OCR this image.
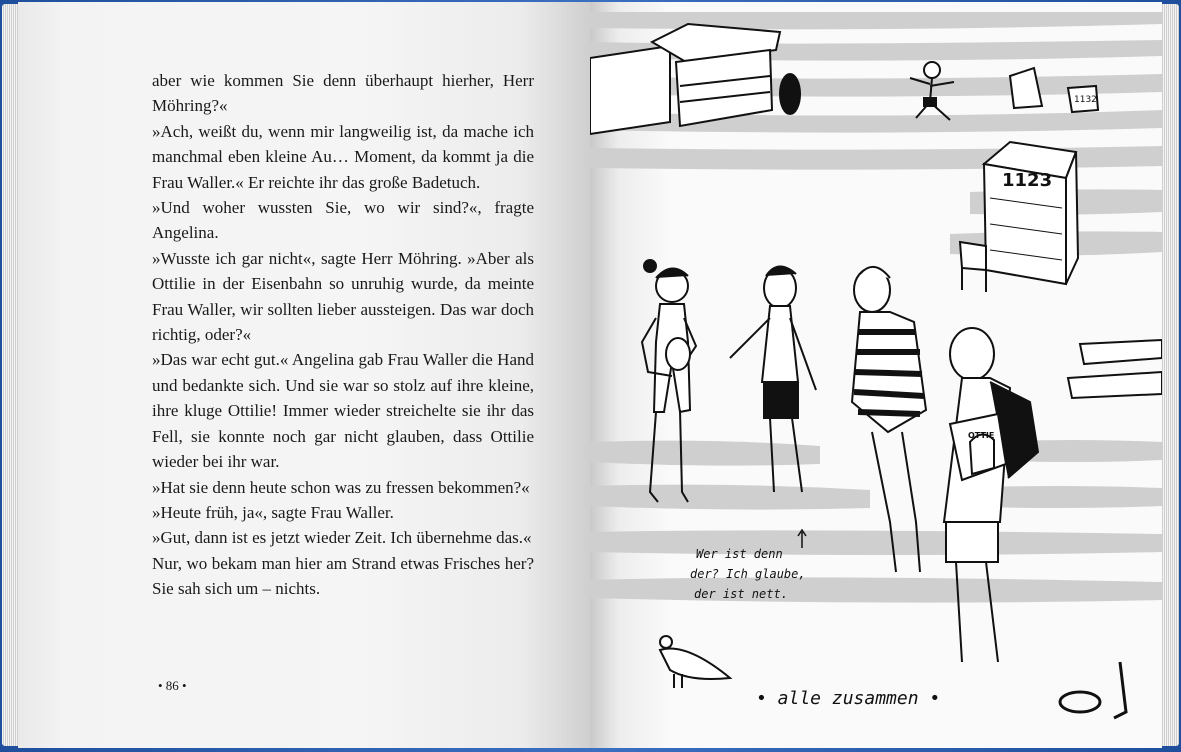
aber wie kommen Sie denn überhaupt hierher, Herr Möhring?«

»Ach, weißt du, wenn mir langweilig ist, da mache ich manchmal eben kleine Au… Moment, da kommt ja die Frau Waller.« Er reichte ihr das große Badetuch.

»Und woher wussten Sie, wo wir sind?«, fragte Angelina.

»Wusste ich gar nicht«, sagte Herr Möhring. »Aber als Ottilie in der Eisenbahn so unruhig wurde, da meinte Frau Waller, wir sollten lieber aussteigen. Das war doch richtig, oder?«

»Das war echt gut.« Angelina gab Frau Waller die Hand und bedankte sich. Und sie war so stolz auf ihre kleine, ihre kluge Ottilie! Immer wieder streichelte sie ihr das Fell, sie konnte noch gar nicht glauben, dass Ottilie wieder bei ihr war.

»Hat sie denn heute schon was zu fressen bekommen?«

»Heute früh, ja«, sagte Frau Waller.

»Gut, dann ist es jetzt wieder Zeit. Ich übernehme das.«

Nur, wo bekam man hier am Strand etwas Frisches her? Sie sah sich um – nichts.

• 86 •
1132
1123
OTTIE
Wer ist denn
der? Ich glaube,
der ist nett.
• alle zusammen •
